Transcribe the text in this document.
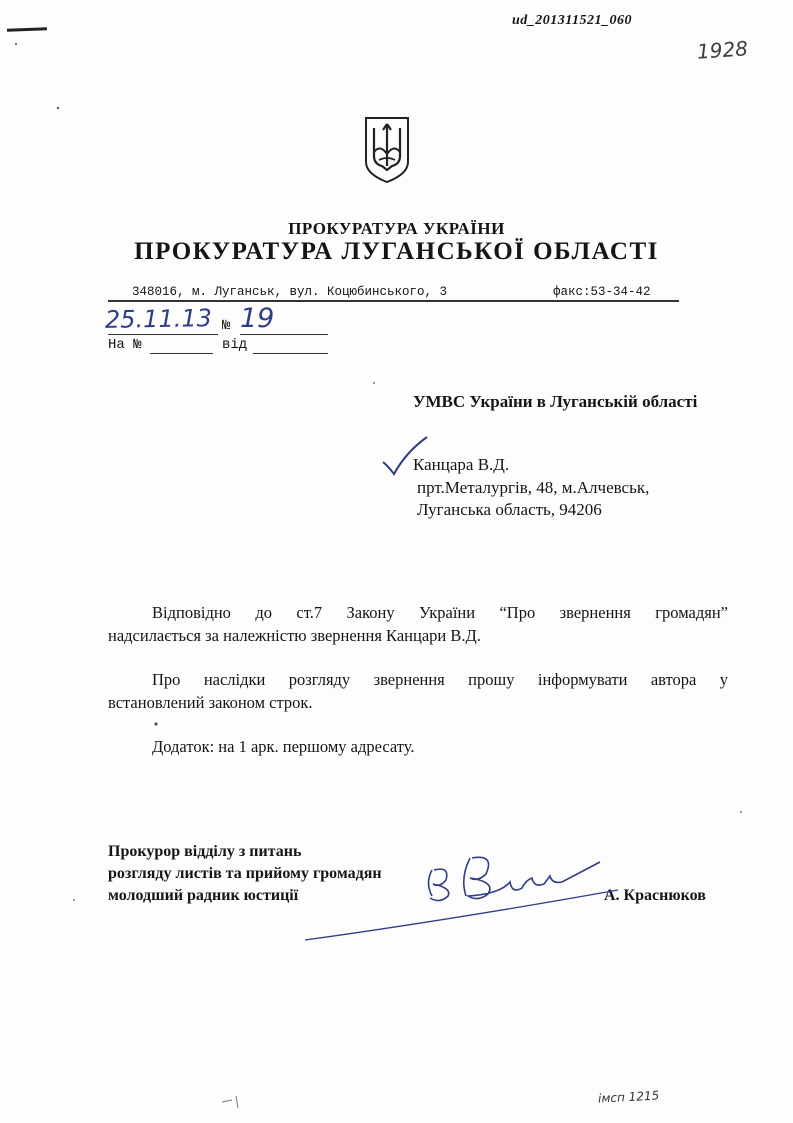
ud_201311521_060
1928
ПРОКУРАТУРА УКРАЇНИ
ПРОКУРАТУРА ЛУГАНСЬКОЇ ОБЛАСТІ
348016, м. Луганськ, вул. Коцюбинського, 3	факс:53-34-42
25.11.13 № 19
На №	від
УМВС України в Луганській області
Канцара В.Д.
прт.Металургів, 48, м.Алчевськ,
Луганська область, 94206
Відповідно до ст.7 Закону України “Про звернення громадян”
надсилається за належністю звернення Канцари В.Д.
Про наслідки розгляду звернення прошу інформувати автора у
встановлений законом строк.
Додаток: на 1 арк. першому адресату.
Прокурор відділу з питань
розгляду листів та прийому громадян
молодший радник юстиції	А. Краснюков
імсп 1215
